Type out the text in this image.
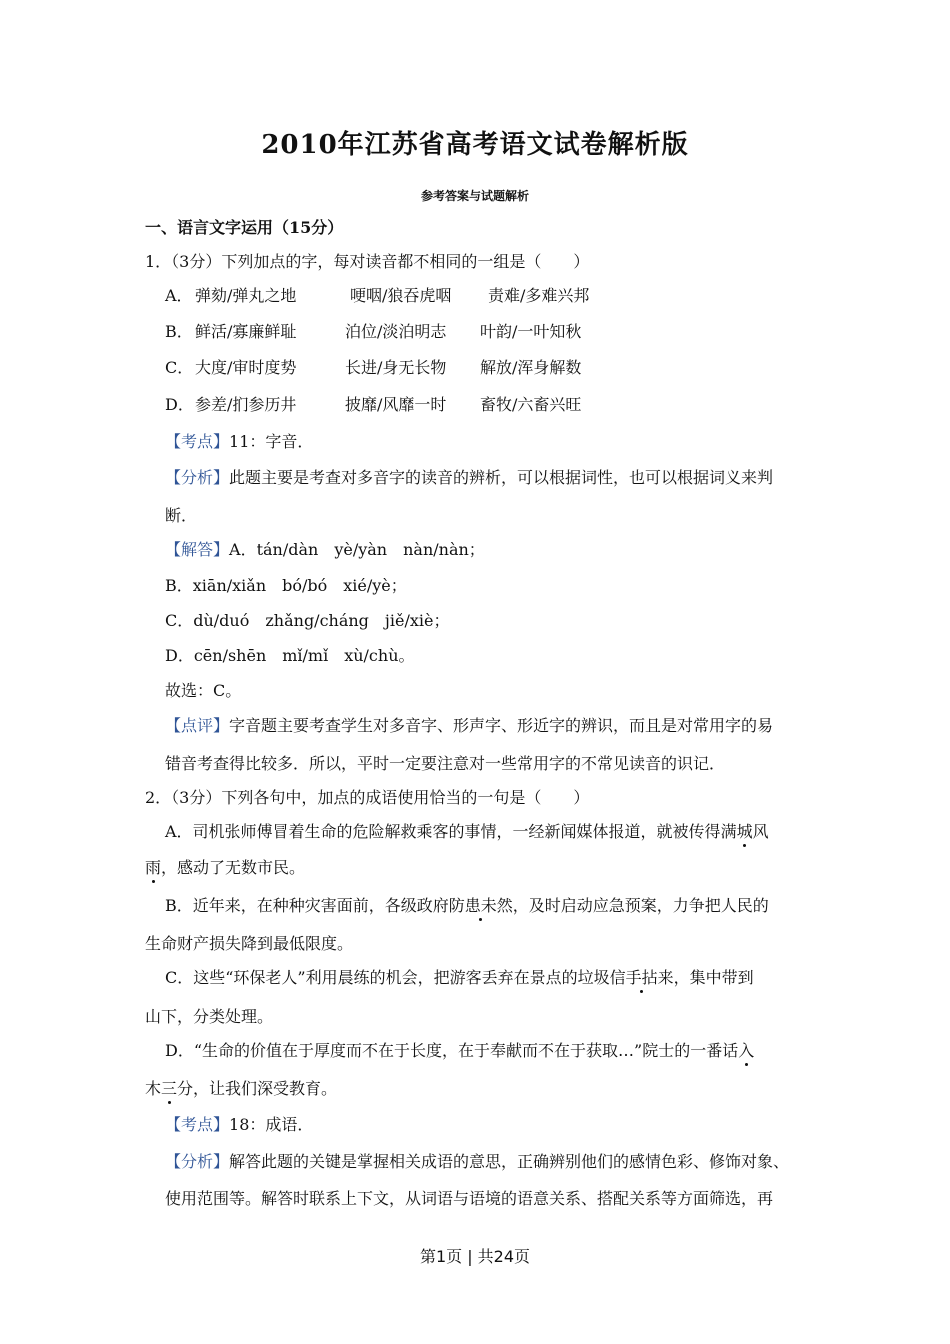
2010年江苏省高考语文试卷解析版
参考答案与试题解析
一、语言文字运用（15分）
1．（3分）下列加点的字，每对读音都不相同的一组是（　　）
A． 弹劾/弹丸之地	哽咽/狼吞虎咽 责难/多难兴邦
B． 鲜活/寡廉鲜耻	泊位/淡泊明志 叶韵/一叶知秋
C． 大度/审时度势	长进/身无长物 解放/浑身解数
D． 参差/扪参历井	披靡/风靡一时 畜牧/六畜兴旺
【考点】11：字音．
【分析】此题主要是考查对多音字的读音的辨析，可以根据词性，也可以根据词义来判
断．
【解答】A．tán/dàn　yè/yàn　nàn/nàn；
B．xiān/xiǎn　bó/bó　xié/yè；
C．dù/duó　zhǎng/cháng　jiě/xiè；
D．cēn/shēn　mǐ/mǐ　xù/chù。
故选：C。
【点评】字音题主要考查学生对多音字、形声字、形近字的辨识，而且是对常用字的易
错音考查得比较多．所以，平时一定要注意对一些常用字的不常见读音的识记．
2．（3分）下列各句中，加点的成语使用恰当的一句是（　　）
A．司机张师傅冒着生命的危险解救乘客的事情，一经新闻媒体报道，就被传得满城风
雨，感动了无数市民。
B．近年来，在种种灾害面前，各级政府防患未然，及时启动应急预案，力争把人民的
生命财产损失降到最低限度。
C．这些“环保老人”利用晨练的机会，把游客丢弃在景点的垃圾信手拈来，集中带到
山下，分类处理。
D．“生命的价值在于厚度而不在于长度，在于奉献而不在于获取…”院士的一番话入
木三分，让我们深受教育。
【考点】18：成语．
【分析】解答此题的关键是掌握相关成语的意思，正确辨别他们的感情色彩、修饰对象、
使用范围等。解答时联系上下文，从词语与语境的语意关系、搭配关系等方面筛选，再
第1页 | 共24页
